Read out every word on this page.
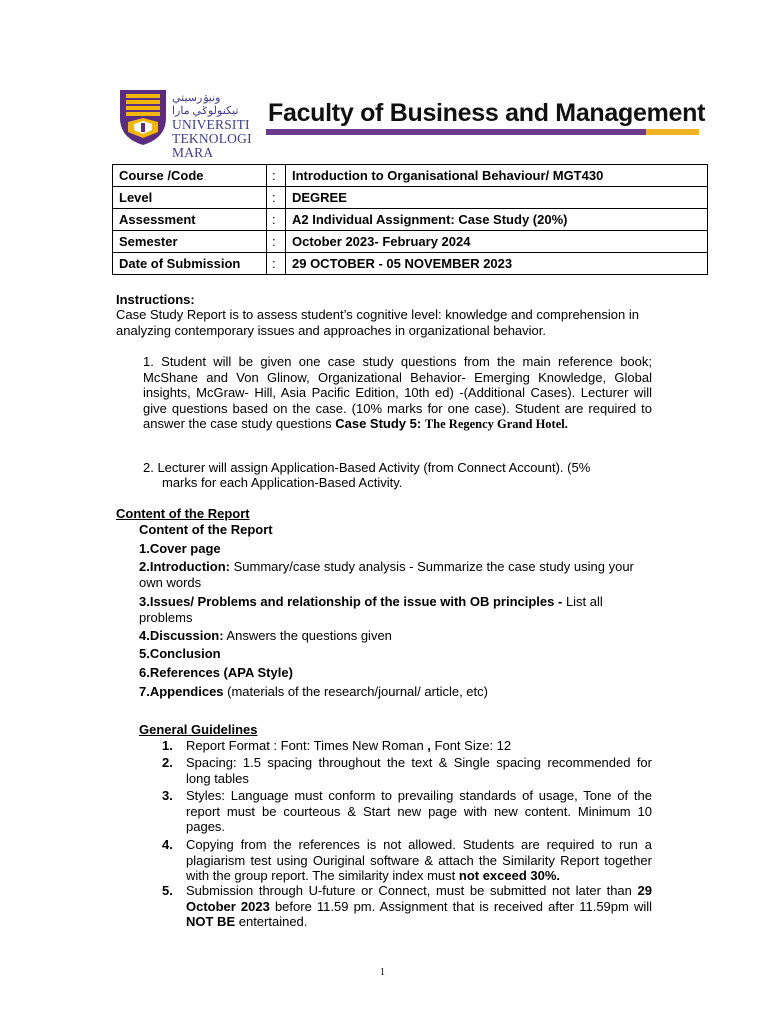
ونيۏرسيتي تيكنولوݢي مارا
UNIVERSITI
TEKNOLOGI
MARA
Faculty of Business and Management
Course /Code	:	Introduction to Organisational Behaviour/ MGT430
Level	:	DEGREE
Assessment	:	A2 Individual Assignment: Case Study (20%)
Semester	:	October 2023- February 2024
Date of Submission	:	29 OCTOBER - 05 NOVEMBER 2023
Instructions:
Case Study Report is to assess student’s cognitive level: knowledge and comprehension in analyzing contemporary issues and approaches in organizational behavior.
1. Student will be given one case study questions from the main reference book; McShane and Von Glinow, Organizational Behavior- Emerging Knowledge, Global insights, McGraw- Hill, Asia Pacific Edition, 10th ed) -(Additional Cases). Lecturer will give questions based on the case. (10% marks for one case). Student are required to answer the case study questions Case Study 5: The Regency Grand Hotel.
2. Lecturer will assign Application-Based Activity (from Connect Account). (5%
marks for each Application-Based Activity.
Content of the Report
Content of the Report
1.Cover page
2.Introduction: Summary/case study analysis - Summarize the case study using your own words
3.Issues/ Problems and relationship of the issue with OB principles - List all problems
4.Discussion: Answers the questions given
5.Conclusion
6.References (APA Style)
7.Appendices (materials of the research/journal/ article, etc)
General Guidelines
1. Report Format : Font: Times New Roman , Font Size: 12
2. Spacing: 1.5 spacing throughout the text & Single spacing recommended for long tables
3. Styles: Language must conform to prevailing standards of usage, Tone of the report must be courteous & Start new page with new content. Minimum 10 pages.
4. Copying from the references is not allowed. Students are required to run a plagiarism test using Ouriginal software & attach the Similarity Report together with the group report. The similarity index must not exceed 30%.
5. Submission through U-future or Connect, must be submitted not later than 29 October 2023 before 11.59 pm. Assignment that is received after 11.59pm will NOT BE entertained.
1
